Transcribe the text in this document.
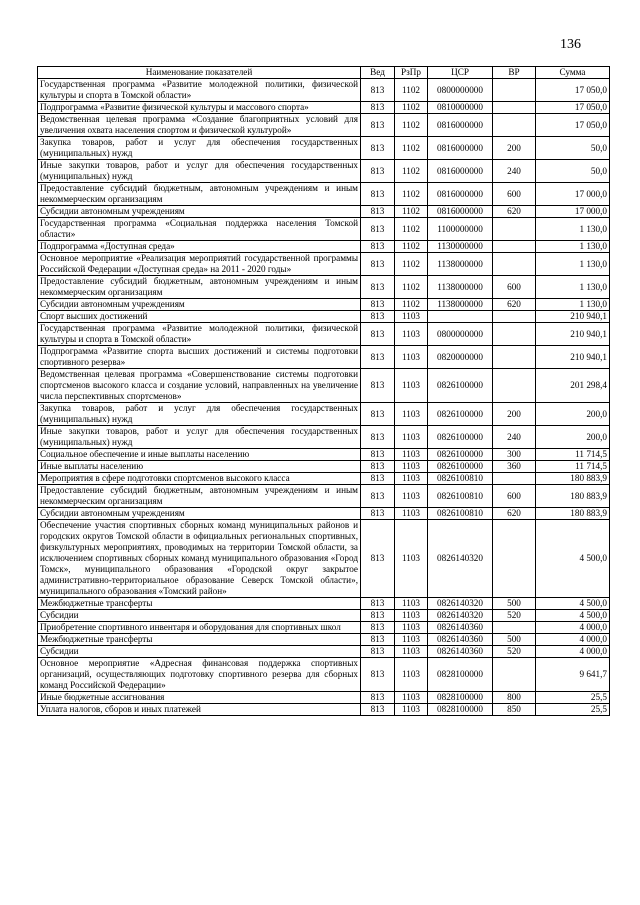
136
Наименование показателей	Вед	РзПр	ЦСР	ВР	Сумма
Государственная программа «Развитие молодежной политики, физической культуры и спорта в Томской области»	813	1102	0800000000		17 050,0
Подпрограмма «Развитие физической культуры и массового спорта»	813	1102	0810000000		17 050,0
Ведомственная целевая программа «Создание благоприятных условий для увеличения охвата населения спортом и физической культурой»	813	1102	0816000000		17 050,0
Закупка товаров, работ и услуг для обеспечения государственных (муниципальных) нужд	813	1102	0816000000	200	50,0
Иные закупки товаров, работ и услуг для обеспечения государственных (муниципальных) нужд	813	1102	0816000000	240	50,0
Предоставление субсидий бюджетным, автономным учреждениям и иным некоммерческим организациям	813	1102	0816000000	600	17 000,0
Субсидии автономным учреждениям	813	1102	0816000000	620	17 000,0
Государственная программа «Социальная поддержка населения Томской области»	813	1102	1100000000		1 130,0
Подпрограмма «Доступная среда»	813	1102	1130000000		1 130,0
Основное мероприятие «Реализация мероприятий государственной программы Российской Федерации «Доступная среда» на 2011 - 2020 годы»	813	1102	1138000000		1 130,0
Предоставление субсидий бюджетным, автономным учреждениям и иным некоммерческим организациям	813	1102	1138000000	600	1 130,0
Субсидии автономным учреждениям	813	1102	1138000000	620	1 130,0
Спорт высших достижений	813	1103			210 940,1
Государственная программа «Развитие молодежной политики, физической культуры и спорта в Томской области»	813	1103	0800000000		210 940,1
Подпрограмма «Развитие спорта высших достижений и системы подготовки спортивного резерва»	813	1103	0820000000		210 940,1
Ведомственная целевая программа «Совершенствование системы подготовки спортсменов высокого класса и создание условий, направленных на увеличение числа перспективных спортсменов»	813	1103	0826100000		201 298,4
Закупка товаров, работ и услуг для обеспечения государственных (муниципальных) нужд	813	1103	0826100000	200	200,0
Иные закупки товаров, работ и услуг для обеспечения государственных (муниципальных) нужд	813	1103	0826100000	240	200,0
Социальное обеспечение и иные выплаты населению	813	1103	0826100000	300	11 714,5
Иные выплаты населению	813	1103	0826100000	360	11 714,5
Мероприятия в сфере подготовки спортсменов высокого класса	813	1103	0826100810		180 883,9
Предоставление субсидий бюджетным, автономным учреждениям и иным некоммерческим организациям	813	1103	0826100810	600	180 883,9
Субсидии автономным учреждениям	813	1103	0826100810	620	180 883,9
Обеспечение участия спортивных сборных команд муниципальных районов и городских округов Томской области в официальных региональных спортивных, физкультурных мероприятиях, проводимых на территории Томской области, за исключением спортивных сборных команд муниципального образования «Город Томск», муниципального образования «Городской округ закрытое административно-территориальное образование Северск Томской области», муниципального образования «Томский район»	813	1103	0826140320		4 500,0
Межбюджетные трансферты	813	1103	0826140320	500	4 500,0
Субсидии	813	1103	0826140320	520	4 500,0
Приобретение спортивного инвентаря и оборудования для спортивных школ	813	1103	0826140360		4 000,0
Межбюджетные трансферты	813	1103	0826140360	500	4 000,0
Субсидии	813	1103	0826140360	520	4 000,0
Основное мероприятие «Адресная финансовая поддержка спортивных организаций, осуществляющих подготовку спортивного резерва для сборных команд Российской Федерации»	813	1103	0828100000		9 641,7
Иные бюджетные ассигнования	813	1103	0828100000	800	25,5
Уплата налогов, сборов и иных платежей	813	1103	0828100000	850	25,5
